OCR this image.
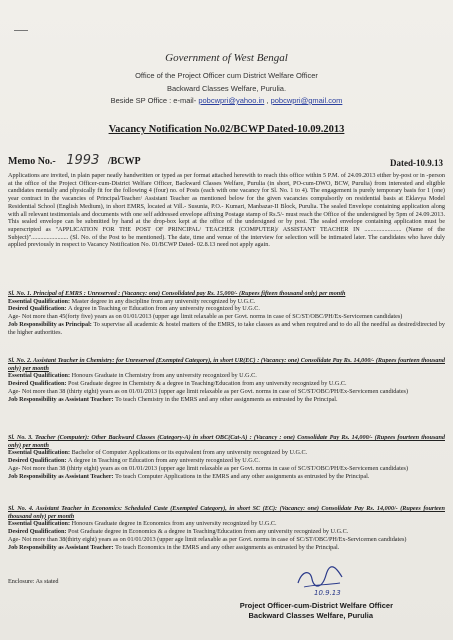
Government of West Bengal
Office of the Project Officer cum District Welfare Officer
Backward Classes Welfare, Purulia.
Beside SP Office : e-mail- pobcwpri@yahoo.in , pobcwpri@gmail.com
Vacancy Notification No.02/BCWP Dated-10.09.2013
Memo No.- 1993 /BCWP	Dated-10.9.13
Applications are invited, in plain paper neatly handwritten or typed as per format attached herewith to reach this office within 5 P.M. of 24.09.2013 either by-post or in -person at the office of the Project Officer-cum-District Welfare Officer, Backward Classes Welfare, Purulia (in short, PO-cum-DWO, BCW, Purulia) from interested and eligible candidates mentally and physically fit for the following 4 (four) no. of Posts (each with one vacancy for Sl. No. 1 to 4). The engagement is purely temporary basis for 1 (one) year contract in the vacancies of Principal/Teacher/ Assistant Teacher as mentioned below for the given vacancies compulsorily on residential basis at Eklavya Model Residential School (English Medium), in short EMRS, located at Vill.- Susunia, P.O.- Kumari, Manbazar-II Block, Purulia. The sealed Envelope containing application along with all relevant testimonials and documents with one self addressed envelope affixing Postage stamp of Rs.5/- must reach the Office of the undersigned by 5pm of 24.09.2013. This sealed envelope can be submitted by hand at the drop-box kept at the office of the undersigned or by post. The sealed envelope containing application must be superscripted as "APPLICATION FOR THE POST OF PRINCIPAL/ TEACHER (COMPUTER)/ ASSISTANT TEACHER IN ........................ (Name of the Subject)"........................ (Sl. No. of the Post to be mentioned). The date, time and venue of the interview for selection will be intimated later. The candidates who have duly applied previously in respect to Vacancy Notification No. 01/BCWP Dated- 02.8.13 need not apply again.
Sl. No. 1. Principal of EMRS : Unreserved : (Vacancy: one) Consolidated pay Rs. 15,000/- (Rupees fifteen thousand only) per month
Essential Qualification: Master degree in any discipline from any university recognized by U.G.C.
Desired Qualification: A degree in Teaching or Education from any university recognized by U.G.C.
Age- Not more than 45(forty five) years as on 01/01/2013 (upper age limit relaxable as per Govt. norms in case of SC/ST/OBC/PH/Ex-Servicemen candidates)
Job Responsibility as Principal: To supervise all academic & hostel matters of the EMRS, to take classes as and when required and to do all the needful as desired/directed by the higher authorities.
Sl. No. 2. Assistant Teacher in Chemistry: for Unreserved (Exempted Category), in short UR(EC) : (Vacancy: one) Consolidate Pay Rs. 14,000/- (Rupees fourteen thousand only) per month
Essential Qualification: Honours Graduate in Chemistry from any university recognized by U.G.C.
Desired Qualification: Post Graduate degree in Chemistry & a degree in Teaching/Education from any university recognized by U.G.C.
Age- Not more than 38 (thirty eight) years as on 01/01/2013 (upper age limit relaxable as per Govt. norms in case of SC/ST/OBC/PH/Ex-Servicemen candidates)
Job Responsibility as Assistant Teacher: To teach Chemistry in the EMRS and any other assignments as entrusted by the Principal.
Sl. No. 3. Teacher (Computer): Other Backward Classes (Category-A) in short OBC(Cat-A) : (Vacancy : one) Consolidate Pay Rs. 14,000/- (Rupees fourteen thousand only) per month
Essential Qualification: Bachelor of Computer Applications or its equivalent from any university recognized by U.G.C.
Desired Qualification: A degree in Teaching or Education from any university recognized by U.G.C.
Age- Not more than 38 (thirty eight) years as on 01/01/2013 (upper age limit relaxable as per Govt. norms in case of SC/ST/OBC/PH/Ex-Servicemen candidates)
Job Responsibility as Assistant Teacher: To teach Computer Applications in the EMRS and any other assignments as entrusted by the Principal.
Sl. No. 4. Assistant Teacher in Economics: Scheduled Caste (Exempted Category), in short SC (EC): (Vacancy: one) Consolidate Pay Rs. 14,000/- (Rupees fourteen thousand only) per month
Essential Qualification: Honours Graduate degree in Economics from any university recognized by U.G.C.
Desired Qualification: Post Graduate degree in Economics & a degree in Teaching/Education from any university recognized by U.G.C.
Age- Not more than 38(thirty eight) years as on 01/01/2013 (upper age limit relaxable as per Govt. norms in case of SC/ST/OBC/PH/Ex-Servicemen candidates)
Job Responsibility as Assistant Teacher: To teach Economics in the EMRS and any other assignments as entrusted by the Principal.
Enclosure: As stated
10.9.13
Project Officer-cum-District Welfare Officer
Backward Classes Welfare, Purulia
